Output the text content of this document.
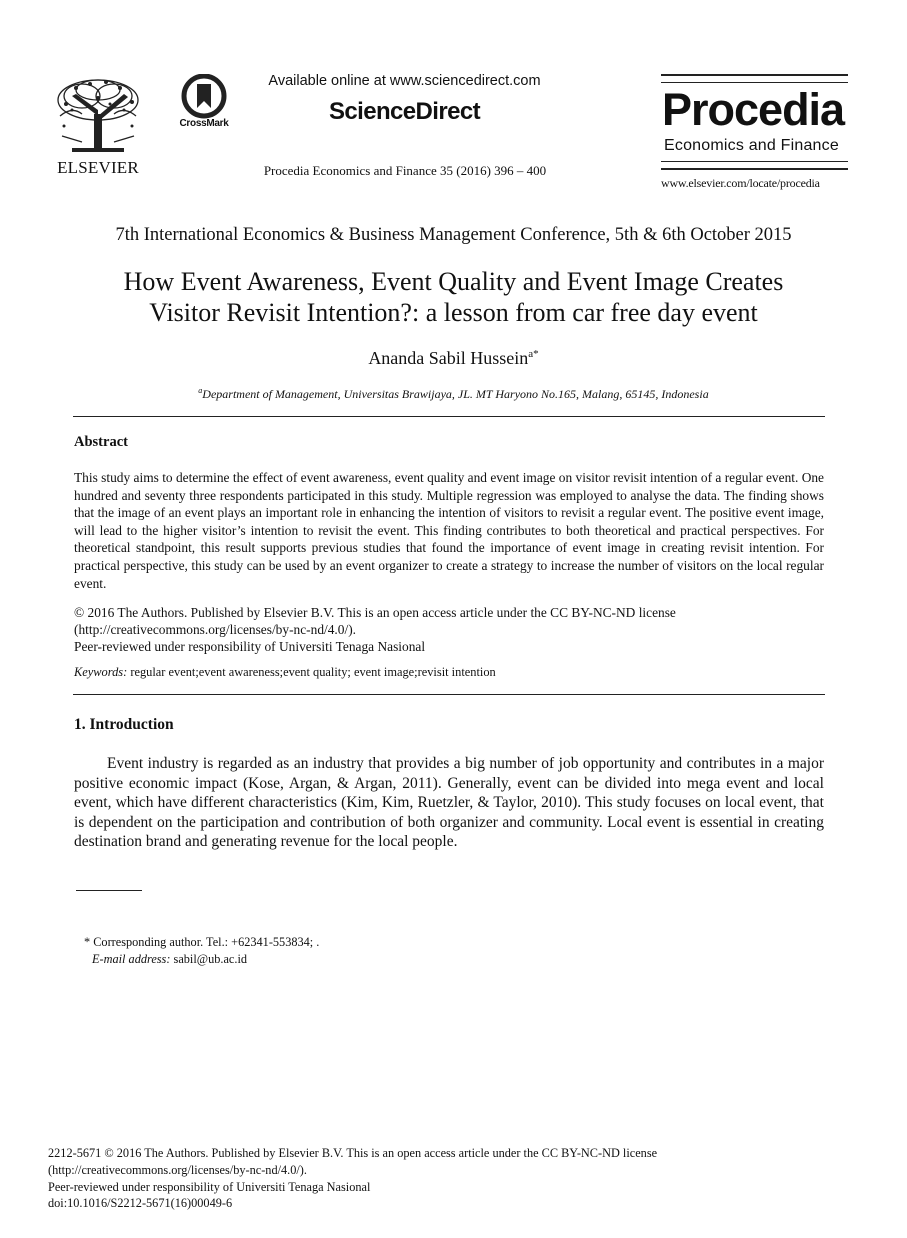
ELSEVIER
CrossMark
Available online at www.sciencedirect.com
ScienceDirect
Procedia Economics and Finance 35 (2016) 396 – 400
Procedia
Economics and Finance
www.elsevier.com/locate/procedia
7th International Economics & Business Management Conference, 5th & 6th October 2015
How Event Awareness, Event Quality and Event Image Creates
Visitor Revisit Intention?: a lesson from car free day event
Ananda Sabil Hussein$^{a*}$
$^a$Department of Management, Universitas Brawijaya, JL. MT Haryono No.165, Malang, 65145, Indonesia
Abstract
This study aims to determine the effect of event awareness, event quality and event image on visitor revisit intention of a regular event. One hundred and seventy three respondents participated in this study. Multiple regression was employed to analyse the data. The finding shows that the image of an event plays an important role in enhancing the intention of visitors to revisit a regular event. The positive event image, will lead to the higher visitor’s intention to revisit the event. This finding contributes to both theoretical and practical perspectives. For theoretical standpoint, this result supports previous studies that found the importance of event image in creating revisit intention. For practical perspective, this study can be used by an event organizer to create a strategy to increase the number of visitors on the local regular event.
© 2016 The Authors. Published by Elsevier B.V. This is an open access article under the CC BY-NC-ND license
(http://creativecommons.org/licenses/by-nc-nd/4.0/).
Peer-reviewed under responsibility of Universiti Tenaga Nasional
Keywords: regular event;event awareness;event quality; event image;revisit intention
1. Introduction
Event industry is regarded as an industry that provides a big number of job opportunity and contributes in a major positive economic impact (Kose, Argan, & Argan, 2011). Generally, event can be divided into mega event and local event, which have different characteristics (Kim, Kim, Ruetzler, & Taylor, 2010). This study focuses on local event, that is dependent on the participation and contribution of both organizer and community. Local event is essential in creating destination brand and generating revenue for the local people.
* Corresponding author. Tel.: +62341-553834; .
E-mail address: sabil@ub.ac.id
2212-5671 © 2016 The Authors. Published by Elsevier B.V. This is an open access article under the CC BY-NC-ND license
(http://creativecommons.org/licenses/by-nc-nd/4.0/).
Peer-reviewed under responsibility of Universiti Tenaga Nasional
doi:10.1016/S2212-5671(16)00049-6
